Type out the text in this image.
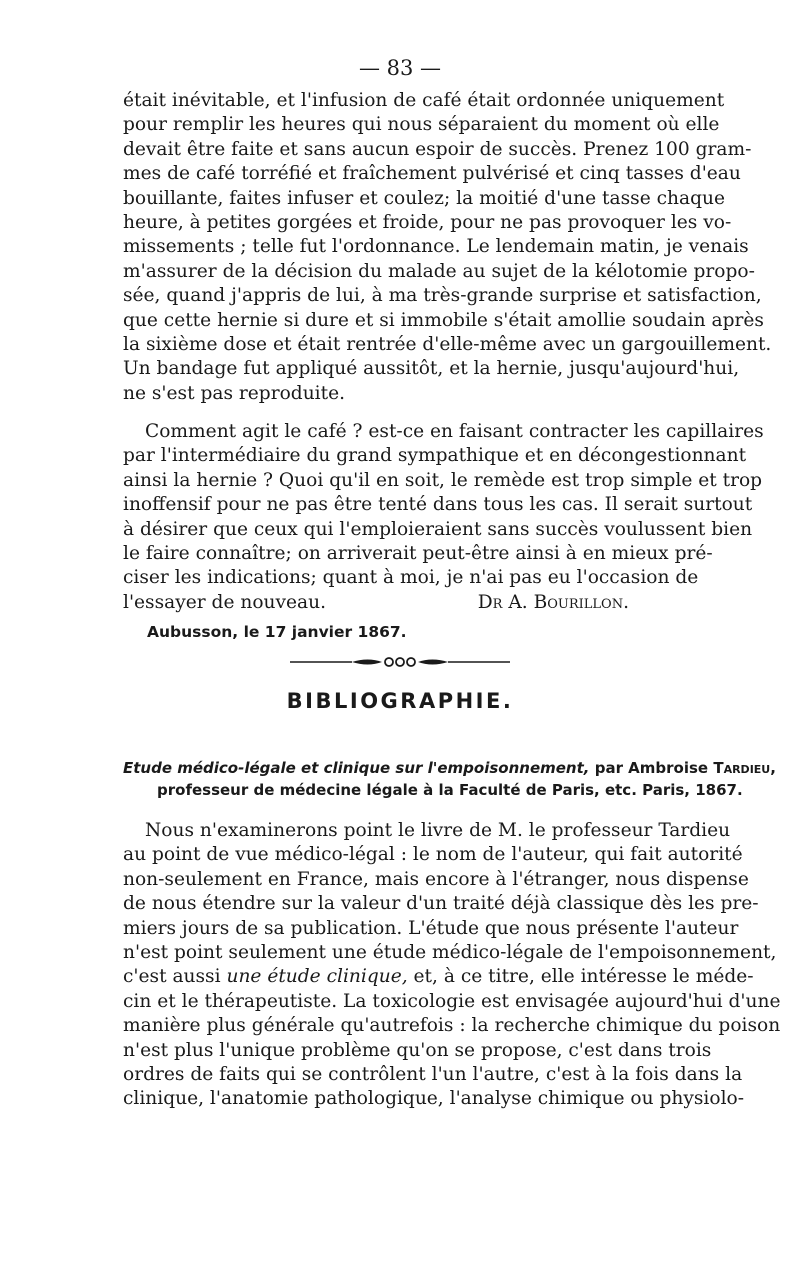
— 83 —
était inévitable, et l'infusion de café était ordonnée uniquement
pour remplir les heures qui nous séparaient du moment où elle
devait être faite et sans aucun espoir de succès. Prenez 100 gram-
mes de café torréfié et fraîchement pulvérisé et cinq tasses d'eau
bouillante, faites infuser et coulez; la moitié d'une tasse chaque
heure, à petites gorgées et froide, pour ne pas provoquer les vo-
missements ; telle fut l'ordonnance. Le lendemain matin, je venais
m'assurer de la décision du malade au sujet de la kélotomie propo-
sée, quand j'appris de lui, à ma très-grande surprise et satisfaction,
que cette hernie si dure et si immobile s'était amollie soudain après
la sixième dose et était rentrée d'elle-même avec un gargouillement.
Un bandage fut appliqué aussitôt, et la hernie, jusqu'aujourd'hui,
ne s'est pas reproduite.
Comment agit le café ? est-ce en faisant contracter les capillaires
par l'intermédiaire du grand sympathique et en décongestionnant
ainsi la hernie ? Quoi qu'il en soit, le remède est trop simple et trop
inoffensif pour ne pas être tenté dans tous les cas. Il serait surtout
à désirer que ceux qui l'emploieraient sans succès voulussent bien
le faire connaître; on arriverait peut-être ainsi à en mieux pré-
ciser les indications; quant à moi, je n'ai pas eu l'occasion de
l'essayer de nouveau.	Dr A. Bourillon.
Aubusson, le 17 janvier 1867.
BIBLIOGRAPHIE.
Etude médico-légale et clinique sur l'empoisonnement, par Ambroise Tardieu,
professeur de médecine légale à la Faculté de Paris, etc. Paris, 1867.
Nous n'examinerons point le livre de M. le professeur Tardieu
au point de vue médico-légal : le nom de l'auteur, qui fait autorité
non-seulement en France, mais encore à l'étranger, nous dispense
de nous étendre sur la valeur d'un traité déjà classique dès les pre-
miers jours de sa publication. L'étude que nous présente l'auteur
n'est point seulement une étude médico-légale de l'empoisonnement,
c'est aussi une étude clinique, et, à ce titre, elle intéresse le méde-
cin et le thérapeutiste. La toxicologie est envisagée aujourd'hui d'une
manière plus générale qu'autrefois : la recherche chimique du poison
n'est plus l'unique problème qu'on se propose, c'est dans trois
ordres de faits qui se contrôlent l'un l'autre, c'est à la fois dans la
clinique, l'anatomie pathologique, l'analyse chimique ou physiolo-
